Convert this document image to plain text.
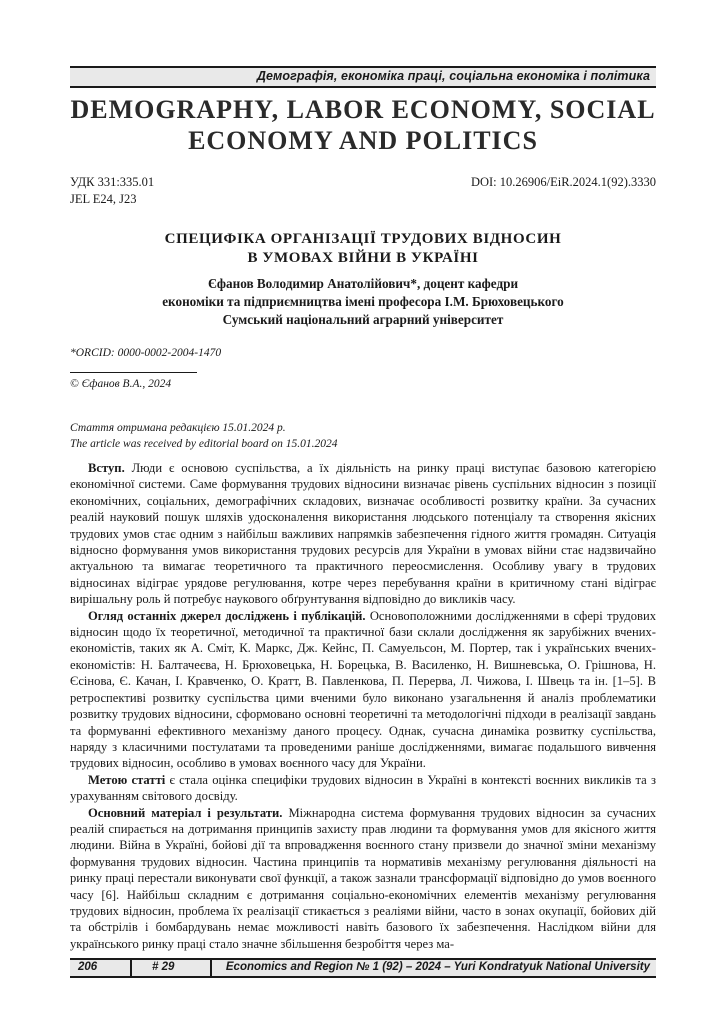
Демографія, економіка праці, соціальна економіка і політика
DEMOGRAPHY, LABOR ECONOMY, SOCIAL
ECONOMY AND POLITICS
УДК 331:335.01
JEL E24, J23
DOI: 10.26906/EiR.2024.1(92).3330
СПЕЦИФІКА ОРГАНІЗАЦІЇ ТРУДОВИХ ВІДНОСИН
В УМОВАХ ВІЙНИ В УКРАЇНІ
Єфанов Володимир Анатолійович*, доцент кафедри
економіки та підприємництва імені професора І.М. Брюховецького
Сумський національний аграрний університет
*ORCID: 0000-0002-2004-1470
© Єфанов В.А., 2024
Стаття отримана редакцією 15.01.2024 р.
The article was received by editorial board on 15.01.2024

Вступ. Люди є основою суспільства, а їх діяльність на ринку праці виступає базовою категорією економічної системи. Саме формування трудових відносини визначає рівень суспільних відносин з позиції економічних, соціальних, демографічних складових, визначає особливості розвитку країни. За сучасних реалій науковий пошук шляхів удосконалення використання людського потенціалу та створення якісних трудових умов стає одним з найбільш важливих напрямків забезпечення гідного життя громадян. Ситуація відносно формування умов використання трудових ресурсів для України в умовах війни стає надзвичайно актуальною та вимагає теоретичного та практичного переосмислення. Особливу увагу в трудових відносинах відіграє урядове регулювання, котре через перебування країни в критичному стані відіграє вирішальну роль й потребує наукового обґрунтування відповідно до викликів часу.

Огляд останніх джерел досліджень і публікацій. Основоположними дослідженнями в сфері трудових відносин щодо їх теоретичної, методичної та практичної бази склали дослідження як зарубіжних вчених-економістів, таких як А. Сміт, К. Маркс, Дж. Кейнс, П. Самуельсон, М. Портер, так і українських вчених-економістів: Н. Балтачеєва, Н. Брюховецька, Н. Борецька, В. Василенко, Н. Вишневська, О. Грішнова, Н. Єсінова, Є. Качан, І. Кравченко, О. Кратт, В. Павленкова, П. Перерва, Л. Чижова, І. Швець та ін. [1–5]. В ретроспективі розвитку суспільства цими вченими було виконано узагальнення й аналіз проблематики розвитку трудових відносини, сформовано основні теоретичні та методологічні підходи в реалізації завдань та формуванні ефективного механізму даного процесу. Однак, сучасна динаміка розвитку суспільства, наряду з класичними постулатами та проведеними раніше дослідженнями, вимагає подальшого вивчення трудових відносин, особливо в умовах воєнного часу для України.

Метою статті є стала оцінка специфіки трудових відносин в Україні в контексті воєнних викликів та з урахуванням світового досвіду.

Основний матеріал і результати. Міжнародна система формування трудових відносин за сучасних реалій спирається на дотримання принципів захисту прав людини та формування умов для якісного життя людини. Війна в Україні, бойові дії та впровадження воєнного стану призвели до значної зміни механізму формування трудових відносин. Частина принципів та нормативів механізму регулювання діяльності на ринку праці перестали виконувати свої функції, а також зазнали трансформації відповідно до умов воєнного часу [6]. Найбільш складним є дотримання соціально-економічних елементів механізму регулювання трудових відносин, проблема їх реалізації стикається з реаліями війни, часто в зонах окупації, бойових дій та обстрілів і бомбардувань немає можливості навіть базового їх забезпечення. Наслідком війни для українського ринку праці стало значне збільшення безробіття через ма-

206	# 29	Economics and Region № 1 (92) – 2024 – Yuri Kondratyuk National University
